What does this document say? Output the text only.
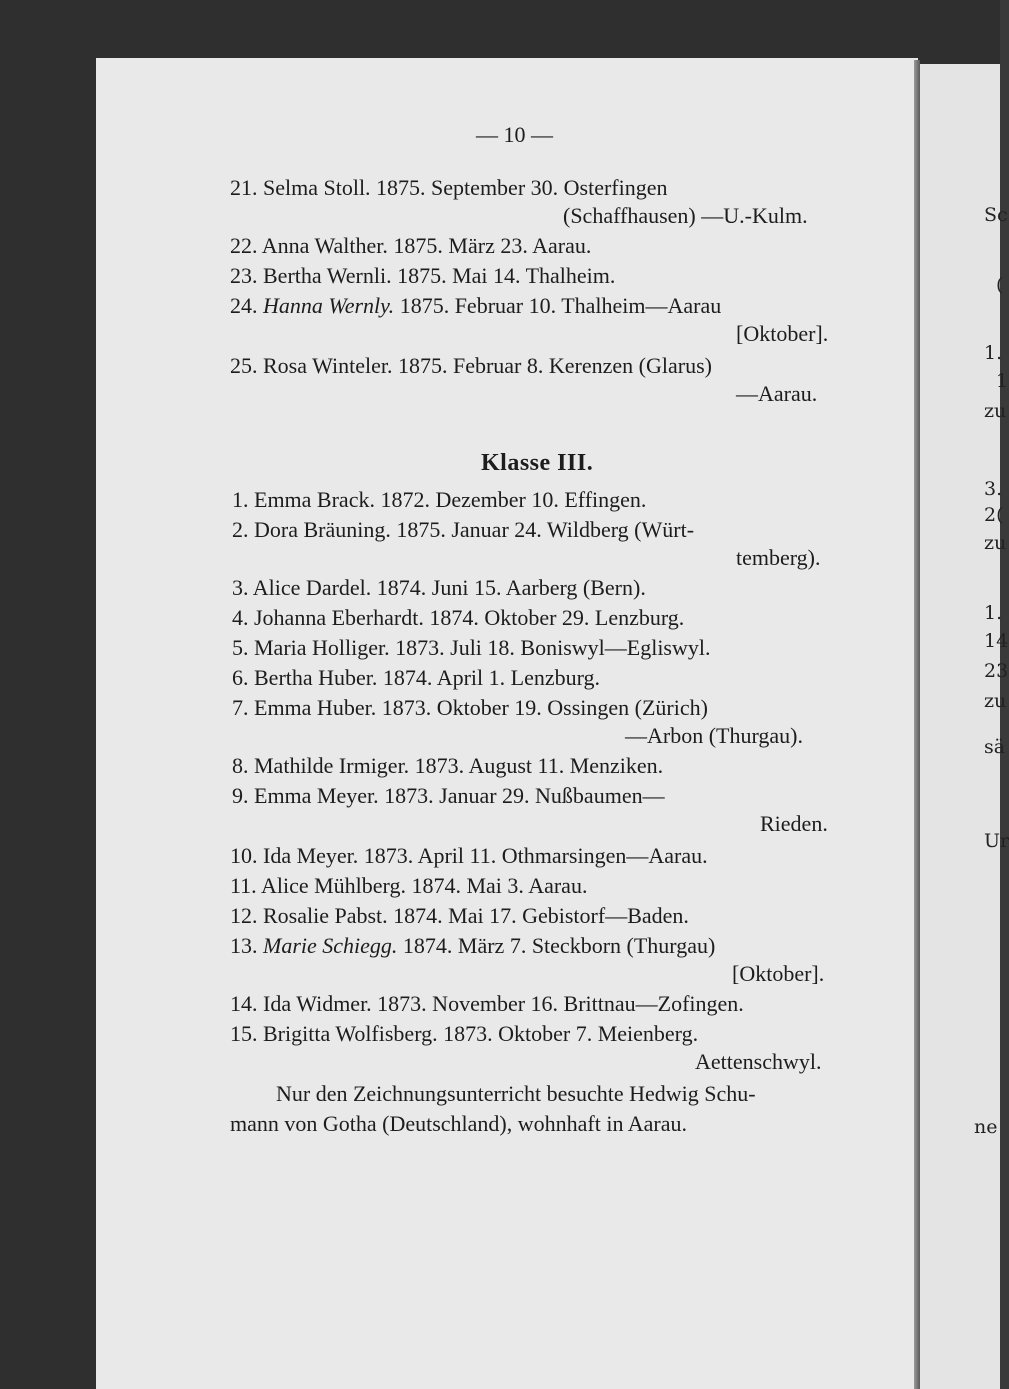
Sc
(
1.
1
zu
3.
2(
zu
1.
14
23
zu
sä
Ur
ne
— 10 —
Klasse III.
21. Selma Stoll. 1875. September 30. Osterfingen
(Schaffhausen) —U.-Kulm.
22. Anna Walther. 1875. März 23. Aarau.
23. Bertha Wernli. 1875. Mai 14. Thalheim.
24. Hanna Wernly. 1875. Februar 10. Thalheim—Aarau
[Oktober].
25. Rosa Winteler. 1875. Februar 8. Kerenzen (Glarus)
—Aarau.
1. Emma Brack. 1872. Dezember 10. Effingen.
2. Dora Bräuning. 1875. Januar 24. Wildberg (Würt-
temberg).
3. Alice Dardel. 1874. Juni 15. Aarberg (Bern).
4. Johanna Eberhardt. 1874. Oktober 29. Lenzburg.
5. Maria Holliger. 1873. Juli 18. Boniswyl—Egliswyl.
6. Bertha Huber. 1874. April 1. Lenzburg.
7. Emma Huber. 1873. Oktober 19. Ossingen (Zürich)
—Arbon (Thurgau).
8. Mathilde Irmiger. 1873. August 11. Menziken.
9. Emma Meyer. 1873. Januar 29. Nußbaumen—
Rieden.
10. Ida Meyer. 1873. April 11. Othmarsingen—Aarau.
11. Alice Mühlberg. 1874. Mai 3. Aarau.
12. Rosalie Pabst. 1874. Mai 17. Gebistorf—Baden.
13. Marie Schiegg. 1874. März 7. Steckborn (Thurgau)
[Oktober].
14. Ida Widmer. 1873. November 16. Brittnau—Zofingen.
15. Brigitta Wolfisberg. 1873. Oktober 7. Meienberg.
Aettenschwyl.
Nur den Zeichnungsunterricht besuchte Hedwig Schu-
mann von Gotha (Deutschland), wohnhaft in Aarau.
